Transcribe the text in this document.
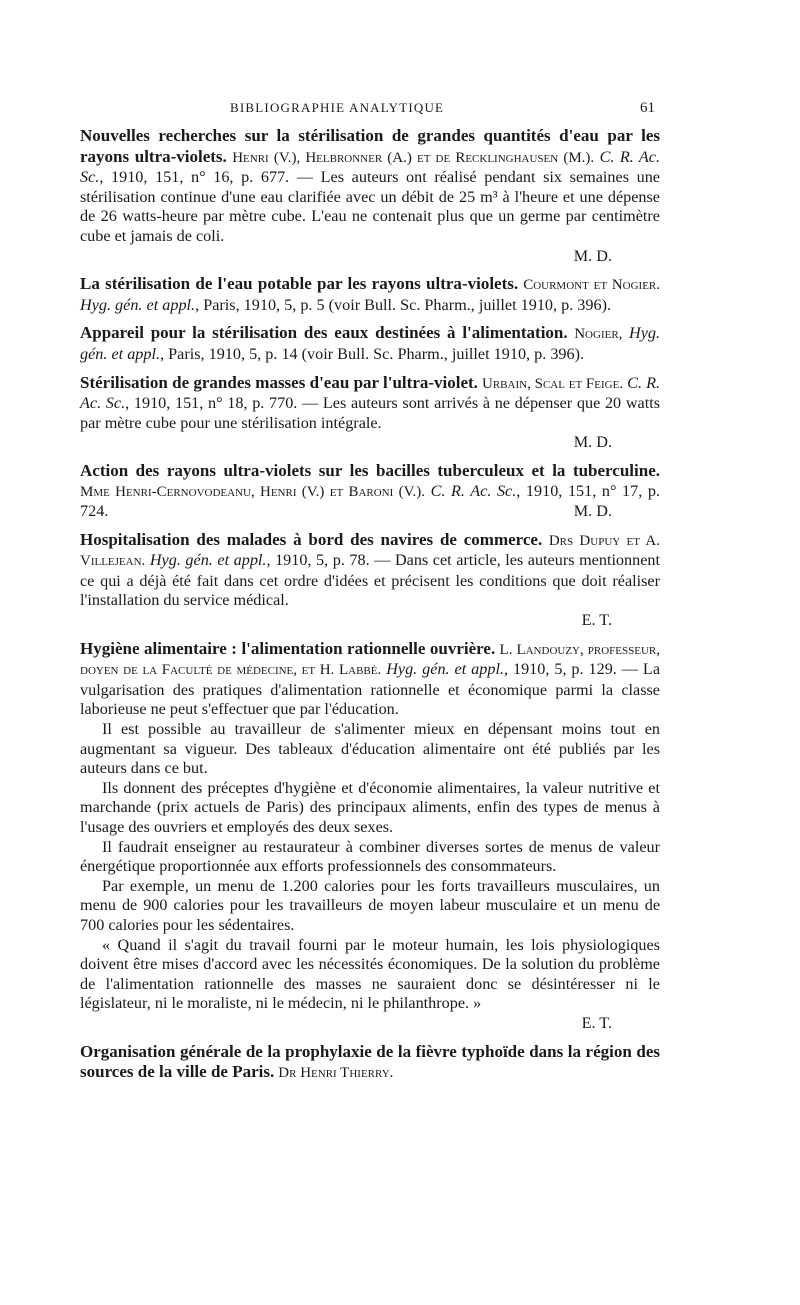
BIBLIOGRAPHIE ANALYTIQUE	61

Nouvelles recherches sur la stérilisation de grandes quantités d'eau par les rayons ultra-violets. Henri (V.), Helbronner (A.) et de Recklinghausen (M.). C. R. Ac. Sc., 1910, 151, n° 16, p. 677. — Les auteurs ont réalisé pendant six semaines une stérilisation continue d'une eau clarifiée avec un débit de 25 m³ à l'heure et une dépense de 26 watts-heure par mètre cube. L'eau ne contenait plus que un germe par centimètre cube et jamais de coli.

M. D.

La stérilisation de l'eau potable par les rayons ultra-violets. Courmont et Nogier. Hyg. gén. et appl., Paris, 1910, 5, p. 5 (voir Bull. Sc. Pharm., juillet 1910, p. 396).

Appareil pour la stérilisation des eaux destinées à l'alimentation. Nogier, Hyg. gén. et appl., Paris, 1910, 5, p. 14 (voir Bull. Sc. Pharm., juillet 1910, p. 396).

Stérilisation de grandes masses d'eau par l'ultra-violet. Urbain, Scal et Feige. C. R. Ac. Sc., 1910, 151, n° 18, p. 770. — Les auteurs sont arrivés à ne dépenser que 20 watts par mètre cube pour une stérilisation intégrale.

M. D.

Action des rayons ultra-violets sur les bacilles tuberculeux et la tuberculine. Mme Henri-Cernovodeanu, Henri (V.) et Baroni (V.). C. R. Ac. Sc., 1910, 151, n° 17, p. 724.	M. D.

Hospitalisation des malades à bord des navires de commerce. Drs Dupuy et A. Villejean. Hyg. gén. et appl., 1910, 5, p. 78. — Dans cet article, les auteurs mentionnent ce qui a déjà été fait dans cet ordre d'idées et précisent les conditions que doit réaliser l'installation du service médical.

E. T.

Hygiène alimentaire : l'alimentation rationnelle ouvrière. L. Landouzy, professeur, doyen de la Faculté de médecine, et H. Labbé. Hyg. gén. et appl., 1910, 5, p. 129. — La vulgarisation des pratiques d'alimentation rationnelle et économique parmi la classe laborieuse ne peut s'effectuer que par l'éducation.

Il est possible au travailleur de s'alimenter mieux en dépensant moins tout en augmentant sa vigueur. Des tableaux d'éducation alimentaire ont été publiés par les auteurs dans ce but.

Ils donnent des préceptes d'hygiène et d'économie alimentaires, la valeur nutritive et marchande (prix actuels de Paris) des principaux aliments, enfin des types de menus à l'usage des ouvriers et employés des deux sexes.

Il faudrait enseigner au restaurateur à combiner diverses sortes de menus de valeur énergétique proportionnée aux efforts professionnels des consommateurs.

Par exemple, un menu de 1.200 calories pour les forts travailleurs musculaires, un menu de 900 calories pour les travailleurs de moyen labeur musculaire et un menu de 700 calories pour les sédentaires.

« Quand il s'agit du travail fourni par le moteur humain, les lois physiologiques doivent être mises d'accord avec les nécessités économiques. De la solution du problème de l'alimentation rationnelle des masses ne sauraient donc se désintéresser ni le législateur, ni le moraliste, ni le médecin, ni le philanthrope. »

E. T.

Organisation générale de la prophylaxie de la fièvre typhoïde dans la région des sources de la ville de Paris. Dr Henri Thierry.
